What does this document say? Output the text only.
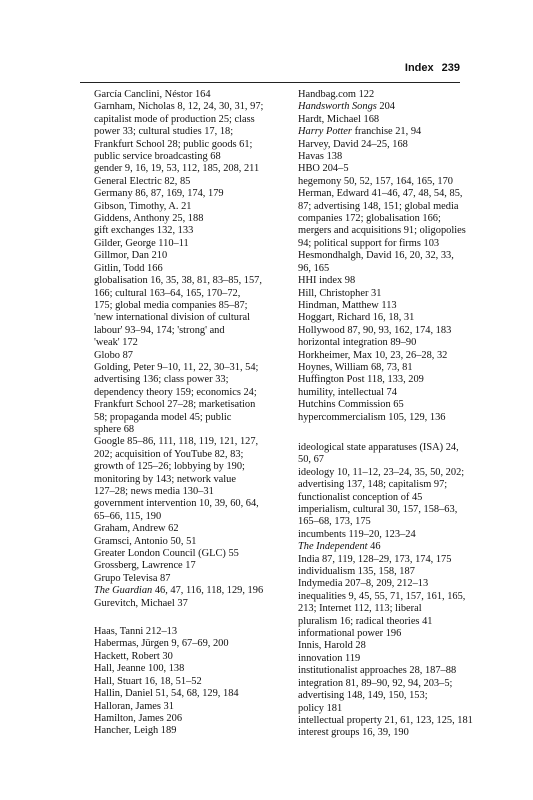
Index 239
García Canclini, Néstor 164
Garnham, Nicholas 8, 12, 24, 30, 31, 97;
capitalist mode of production 25; class
power 33; cultural studies 17, 18;
Frankfurt School 28; public goods 61;
public service broadcasting 68
gender 9, 16, 19, 53, 112, 185, 208, 211
General Electric 82, 85
Germany 86, 87, 169, 174, 179
Gibson, Timothy, A. 21
Giddens, Anthony 25, 188
gift exchanges 132, 133
Gilder, George 110–11
Gillmor, Dan 210
Gitlin, Todd 166
globalisation 16, 35, 38, 81, 83–85, 157,
166; cultural 163–64, 165, 170–72,
175; global media companies 85–87;
'new international division of cultural
labour' 93–94, 174; 'strong' and
'weak' 172
Globo 87
Golding, Peter 9–10, 11, 22, 30–31, 54;
advertising 136; class power 33;
dependency theory 159; economics 24;
Frankfurt School 27–28; marketisation
58; propaganda model 45; public
sphere 68
Google 85–86, 111, 118, 119, 121, 127,
202; acquisition of YouTube 82, 83;
growth of 125–26; lobbying by 190;
monitoring by 143; network value
127–28; news media 130–31
government intervention 10, 39, 60, 64,
65–66, 115, 190
Graham, Andrew 62
Gramsci, Antonio 50, 51
Greater London Council (GLC) 55
Grossberg, Lawrence 17
Grupo Televisa 87
The Guardian 46, 47, 116, 118, 129, 196
Gurevitch, Michael 37
Haas, Tanni 212–13
Habermas, Jürgen 9, 67–69, 200
Hackett, Robert 30
Hall, Jeanne 100, 138
Hall, Stuart 16, 18, 51–52
Hallin, Daniel 51, 54, 68, 129, 184
Halloran, James 31
Hamilton, James 206
Hancher, Leigh 189
Handbag.com 122
Handsworth Songs 204
Hardt, Michael 168
Harry Potter franchise 21, 94
Harvey, David 24–25, 168
Havas 138
HBO 204–5
hegemony 50, 52, 157, 164, 165, 170
Herman, Edward 41–46, 47, 48, 54, 85,
87; advertising 148, 151; global media
companies 172; globalisation 166;
mergers and acquisitions 91; oligopolies
94; political support for firms 103
Hesmondhalgh, David 16, 20, 32, 33,
96, 165
HHI index 98
Hill, Christopher 31
Hindman, Matthew 113
Hoggart, Richard 16, 18, 31
Hollywood 87, 90, 93, 162, 174, 183
horizontal integration 89–90
Horkheimer, Max 10, 23, 26–28, 32
Hoynes, William 68, 73, 81
Huffington Post 118, 133, 209
humility, intellectual 74
Hutchins Commission 65
hypercommercialism 105, 129, 136
ideological state apparatuses (ISA) 24,
50, 67
ideology 10, 11–12, 23–24, 35, 50, 202;
advertising 137, 148; capitalism 97;
functionalist conception of 45
imperialism, cultural 30, 157, 158–63,
165–68, 173, 175
incumbents 119–20, 123–24
The Independent 46
India 87, 119, 128–29, 173, 174, 175
individualism 135, 158, 187
Indymedia 207–8, 209, 212–13
inequalities 9, 45, 55, 71, 157, 161, 165,
213; Internet 112, 113; liberal
pluralism 16; radical theories 41
informational power 196
Innis, Harold 28
innovation 119
institutionalist approaches 28, 187–88
integration 81, 89–90, 92, 94, 203–5;
advertising 148, 149, 150, 153;
policy 181
intellectual property 21, 61, 123, 125, 181
interest groups 16, 39, 190
